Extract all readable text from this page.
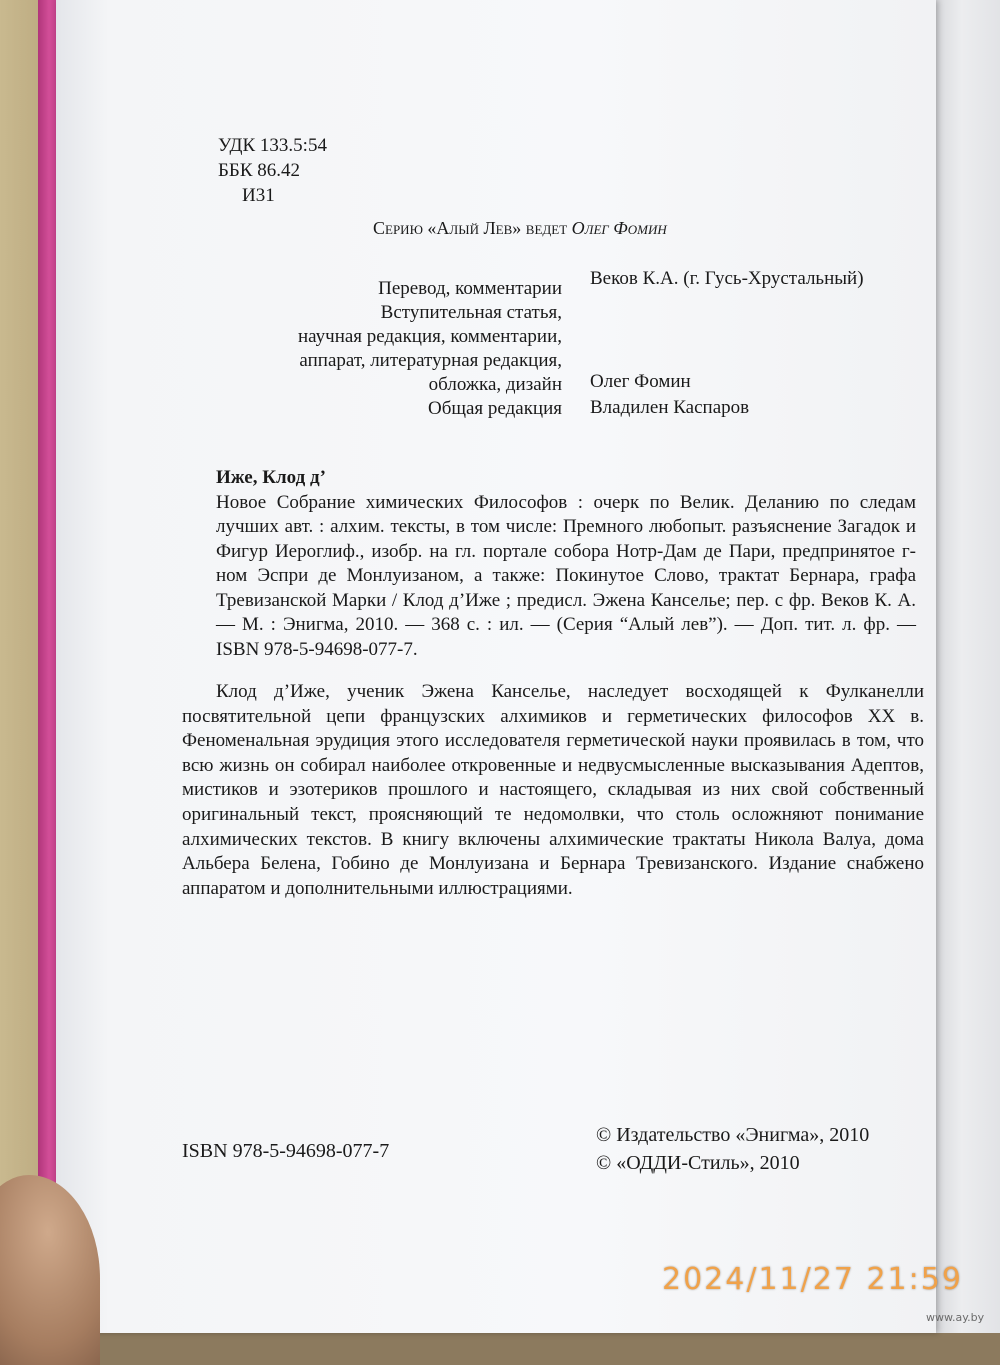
УДК 133.5:54
ББК 86.42
И31
Серию «Алый Лев» ведет Олег Фомин
Перевод, комментарии
Вступительная статья,
научная редакция, комментарии,
аппарат, литературная редакция,
обложка, дизайн
Общая редакция
Веков К.А. (г. Гусь-Хрустальный)
Олег Фомин
Владилен Каспаров
Иже, Клод д’
Новое Собрание химических Философов : очерк по Велик. Деланию по следам лучших авт. : алхим. тексты, в том числе: Премного любопыт. разъяснение Загадок и Фигур Иероглиф., изобр. на гл. портале собора Нотр-Дам де Пари, предпринятое г-ном Эспри де Монлуизаном, а также: Покинутое Слово, трактат Бернара, графа Тревизанской Марки / Клод д’Иже ; предисл. Эжена Канселье; пер. с фр. Веков К. А. — М. : Энигма, 2010. — 368 с. : ил. — (Серия “Алый лев”). — Доп. тит. л. фр. — ISBN 978-5-94698-077-7.
Клод д’Иже, ученик Эжена Канселье, наследует восходящей к Фулканелли посвятительной цепи французских алхимиков и герметических философов XX в. Феноменальная эрудиция этого исследователя герметической науки проявилась в том, что всю жизнь он собирал наиболее откровенные и недвусмысленные высказывания Адептов, мистиков и эзотериков прошлого и настоящего, складывая из них свой собственный оригинальный текст, проясняющий те недомолвки, что столь осложняют понимание алхимических текстов. В книгу включены алхимические трактаты Никола Валуа, дома Альбера Белена, Гобино де Монлуизана и Бернара Тревизанского. Издание снабжено аппаратом и дополнительными иллюстрациями.
ISBN 978-5-94698-077-7
© Издательство «Энигма», 2010
© «ОДДИ-Стиль», 2010
2024/11/27 21:59
www.ay.by
